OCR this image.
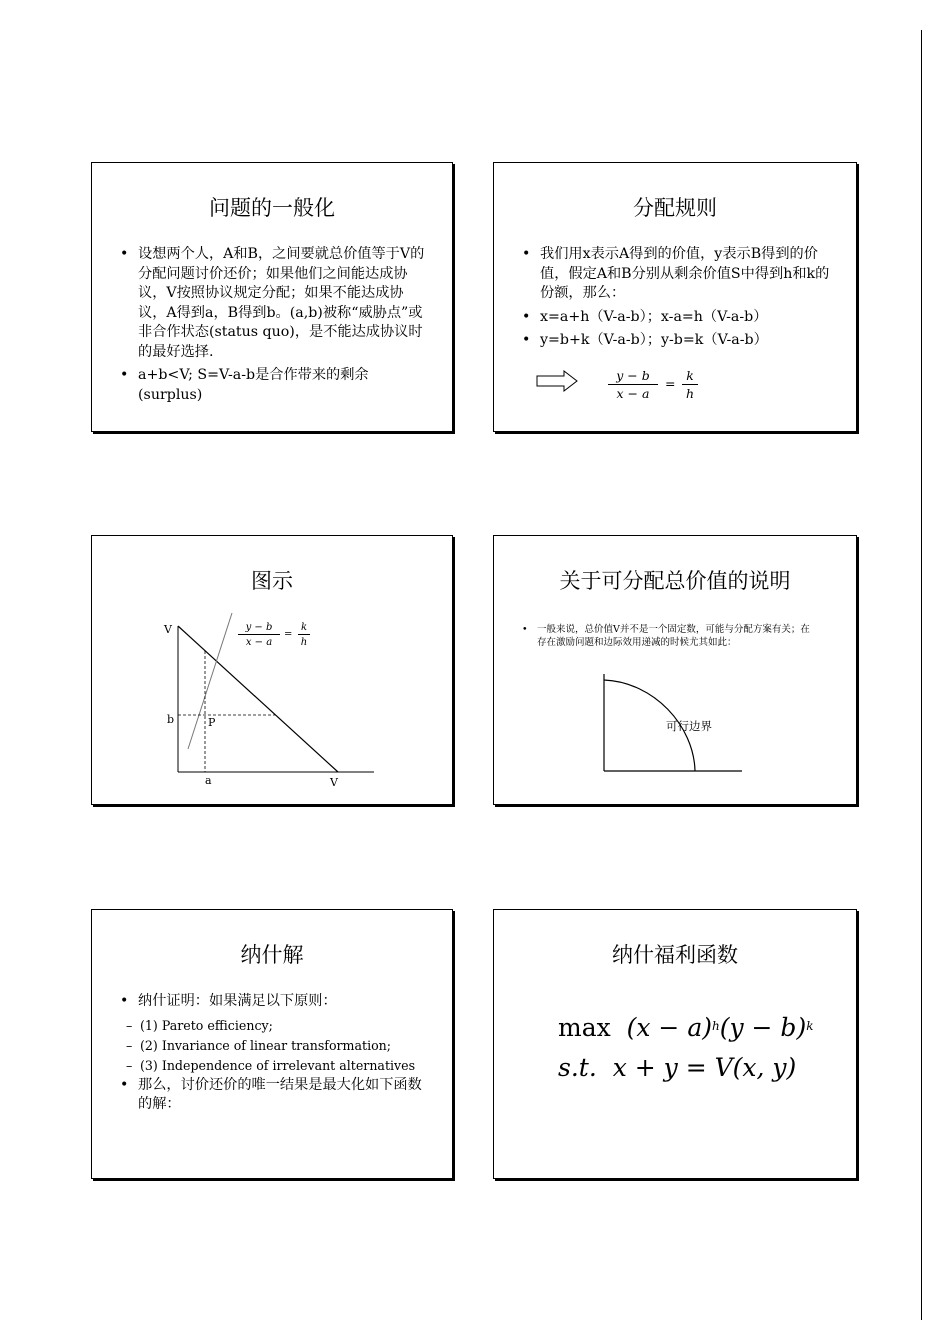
问题的一般化
• 设想两个人，A和B，之间要就总价值等于V的分配问题讨价还价；如果他们之间能达成协议，V按照协议规定分配；如果不能达成协议，A得到a，B得到b。(a,b)被称“威胁点”或非合作状态(status quo)，是不能达成协议时的最好选择.
• a+b<V; S=V-a-b是合作带来的剩余(surplus)
分配规则
• 我们用x表示A得到的价值，y表示B得到的价值，假定A和B分别从剩余价值S中得到h和k的份额，那么：
• x=a+h（V-a-b）；x-a=h（V-a-b）
• y=b+k（V-a-b）；y-b=k（V-a-b）
y − b
x − a
=
k
h
图示
V
V
b
a
P
y − b
x − a
=
k
h
关于可分配总价值的说明
• 一般来说，总价值V并不是一个固定数，可能与分配方案有关；在存在激励问题和边际效用递减的时候尤其如此：
可行边界
纳什解
• 纳什证明：如果满足以下原则：
– (1) Pareto efficiency;
– (2) Invariance of linear transformation;
– (3) Independence of irrelevant alternatives
• 那么，讨价还价的唯一结果是最大化如下函数的解：
纳什福利函数
$\max (x - a)^h(y - b)^k$
s.t. x + y = V(x, y)
